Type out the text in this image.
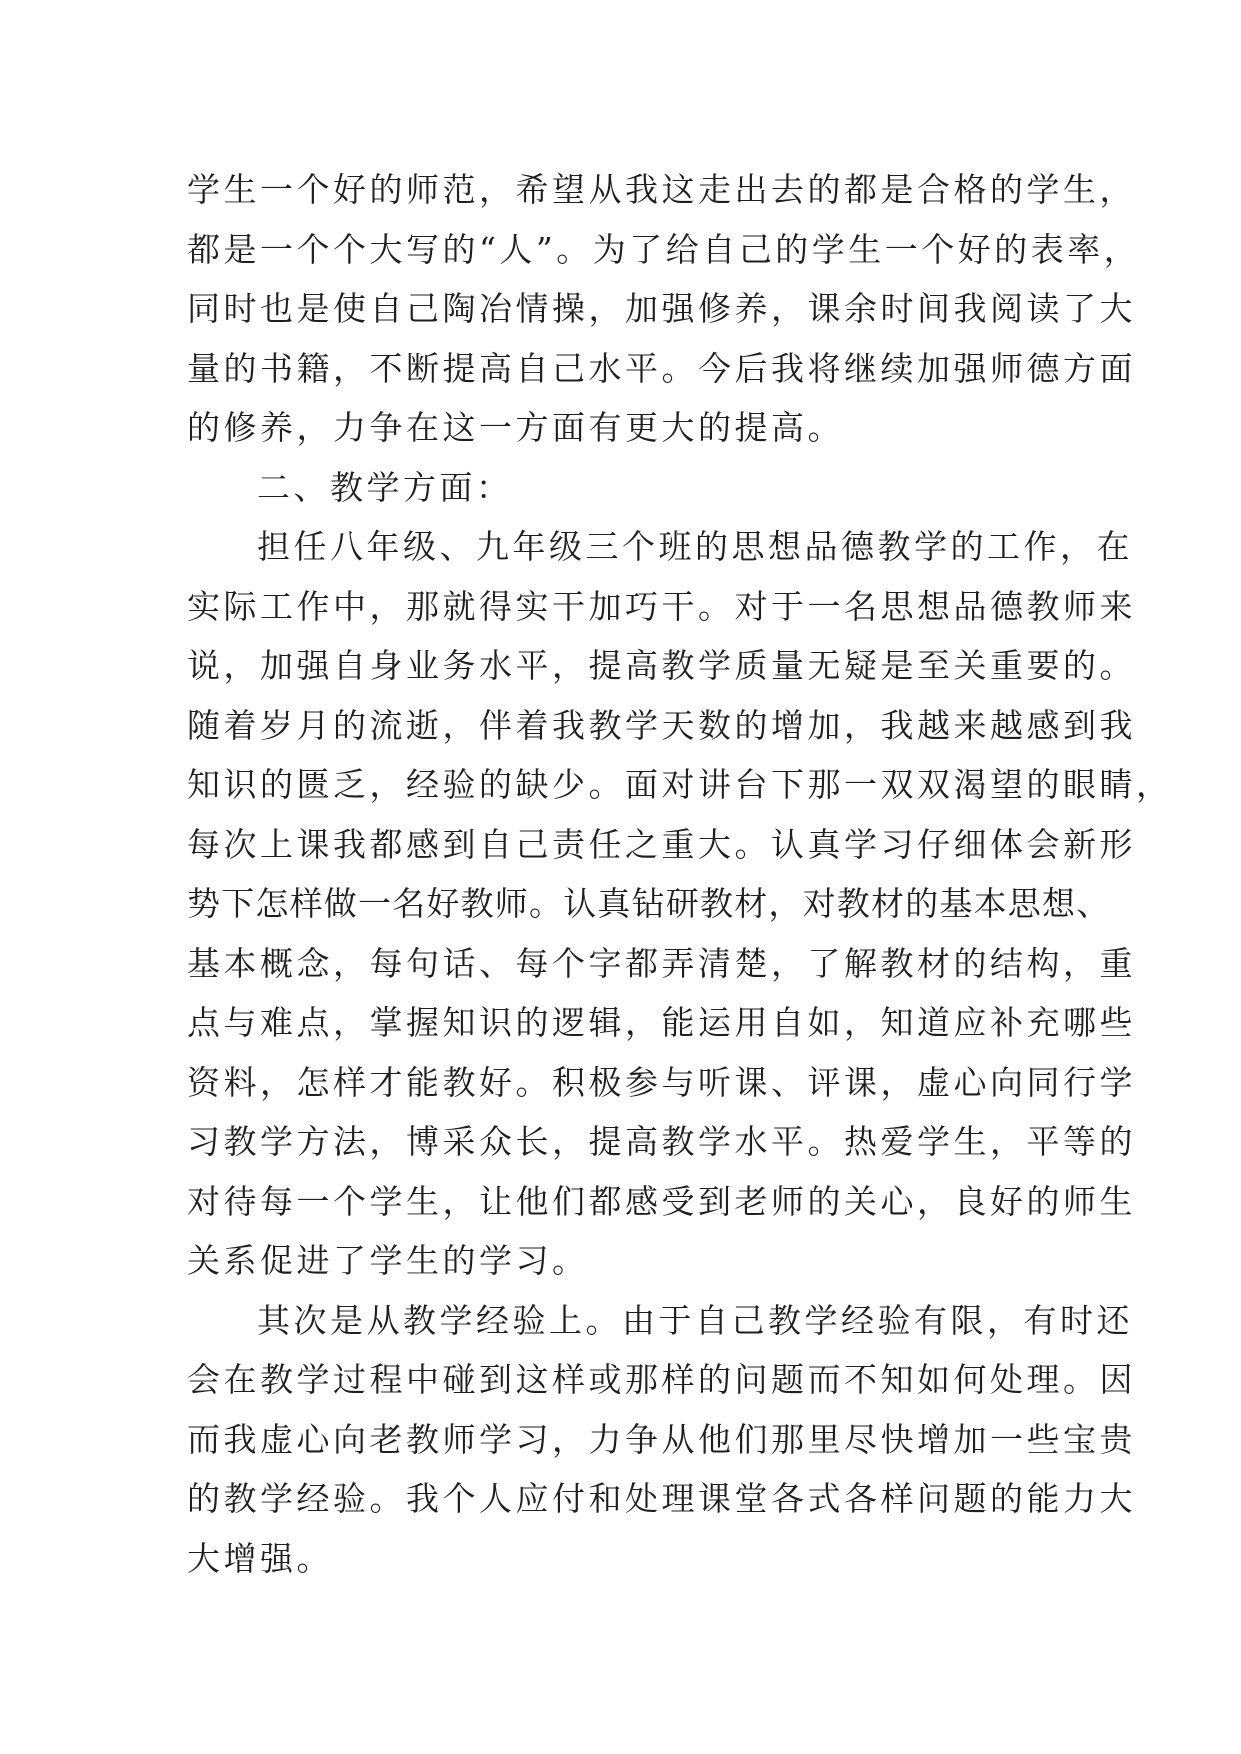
学生一个好的师范，希望从我这走出去的都是合格的学生，
都是一个个大写的“人”。为了给自己的学生一个好的表率，
同时也是使自己陶冶情操，加强修养，课余时间我阅读了大
量的书籍，不断提高自己水平。今后我将继续加强师德方面
的修养，力争在这一方面有更大的提高。
二、教学方面：
担任八年级、九年级三个班的思想品德教学的工作，在
实际工作中，那就得实干加巧干。对于一名思想品德教师来
说，加强自身业务水平，提高教学质量无疑是至关重要的。
随着岁月的流逝，伴着我教学天数的增加，我越来越感到我
知识的匮乏，经验的缺少。面对讲台下那一双双渴望的眼睛，
每次上课我都感到自己责任之重大。认真学习仔细体会新形
势下怎样做一名好教师。认真钻研教材，对教材的基本思想、
基本概念，每句话、每个字都弄清楚，了解教材的结构，重
点与难点，掌握知识的逻辑，能运用自如，知道应补充哪些
资料，怎样才能教好。积极参与听课、评课，虚心向同行学
习教学方法，博采众长，提高教学水平。热爱学生，平等的
对待每一个学生，让他们都感受到老师的关心，良好的师生
关系促进了学生的学习。
其次是从教学经验上。由于自己教学经验有限，有时还
会在教学过程中碰到这样或那样的问题而不知如何处理。因
而我虚心向老教师学习，力争从他们那里尽快增加一些宝贵
的教学经验。我个人应付和处理课堂各式各样问题的能力大
大增强。
